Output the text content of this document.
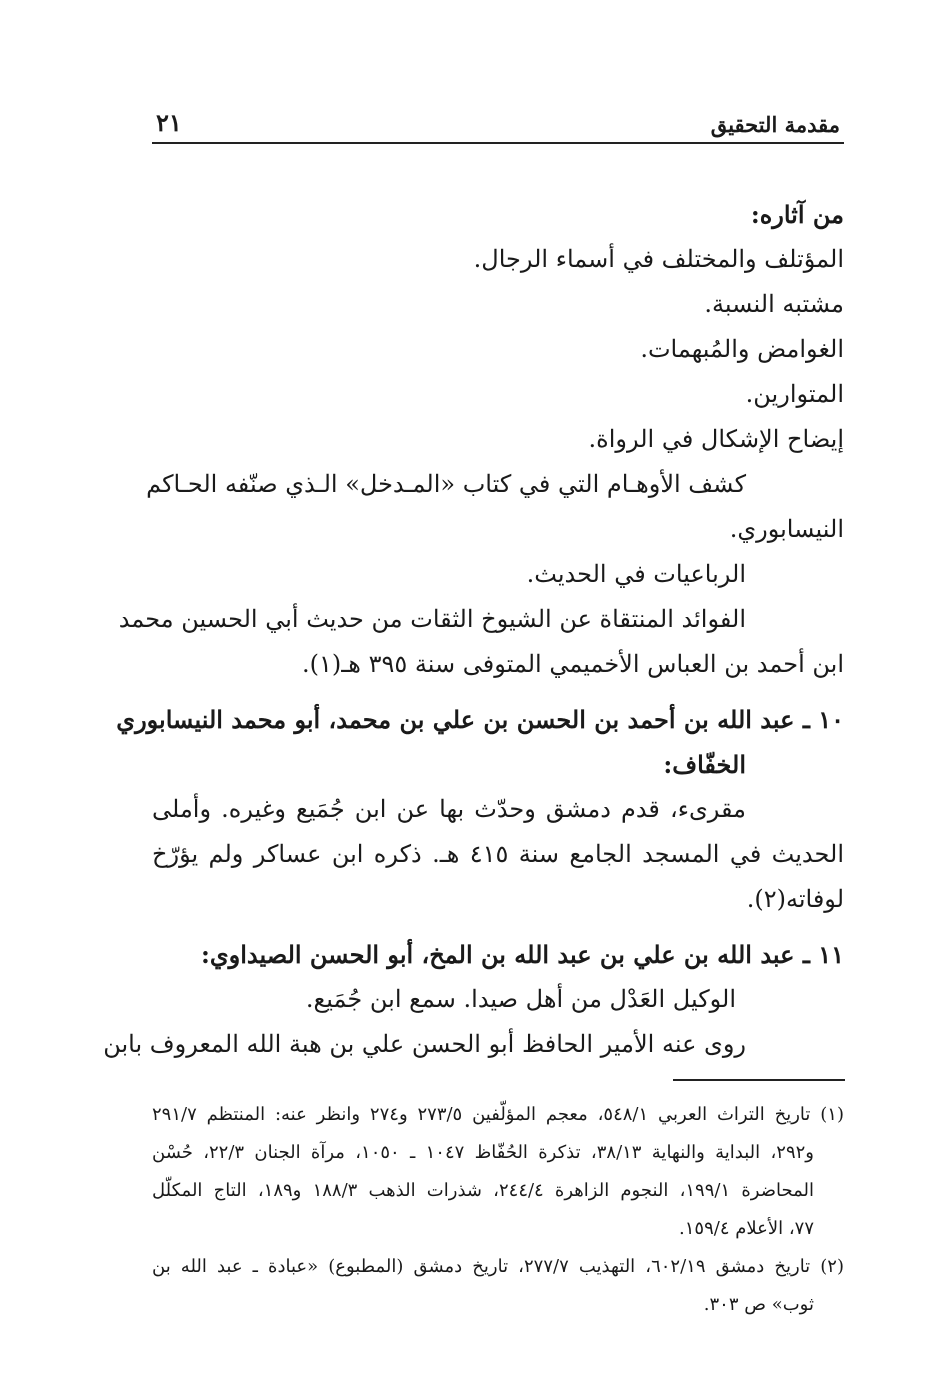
مقدمة التحقيق
٢١
من آثاره:
المؤتلف والمختلف في أسماء الرجال.
مشتبه النسبة.
الغوامض والمُبهمات.
المتوارين.
إيضاح الإشكال في الرواة.
كشف الأوهـام التي في كتاب «المـدخل» الـذي صنّفه الحـاكم
النيسابوري.
الرباعيات في الحديث.
الفوائد المنتقاة عن الشيوخ الثقات من حديث أبي الحسين محمد
ابن أحمد بن العباس الأخميمي المتوفى سنة ٣٩٥ هـ(١).
١٠ ـ عبد الله بن أحمد بن الحسن بن علي بن محمد، أبو محمد النيسابوري
الخفّاف:
مقرىء، قدم دمشق وحدّث بها عن ابن جُمَيع وغيره. وأملى
الحديث في المسجد الجامع سنة ٤١٥ هـ. ذكره ابن عساكر ولم يؤرّخ
لوفاته(٢).
١١ ـ عبد الله بن علي بن عبد الله بن المخ، أبو الحسن الصيداوي:
الوكيل العَدْل من أهل صيدا. سمع ابن جُمَيع.
روى عنه الأمير الحافظ أبو الحسن علي بن هبة الله المعروف بابن
(١) تاريخ التراث العربي ٥٤٨/١، معجم المؤلّفين ٢٧٣/٥ و٢٧٤ وانظر عنه: المنتظم ٢٩١/٧
و٢٩٢، البداية والنهاية ٣٨/١٣، تذكرة الحُفّاظ ١٠٤٧ ـ ١٠٥٠، مرآة الجنان ٢٢/٣، حُسْن
المحاضرة ١٩٩/١، النجوم الزاهرة ٢٤٤/٤، شذرات الذهب ١٨٨/٣ و١٨٩، التاج المكلّل
٧٧، الأعلام ١٥٩/٤.
(٢) تاريخ دمشق ٦٠٢/١٩، التهذيب ٢٧٧/٧، تاريخ دمشق (المطبوع) «عبادة ـ عبد الله بن
ثوب» ص ٣٠٣.
